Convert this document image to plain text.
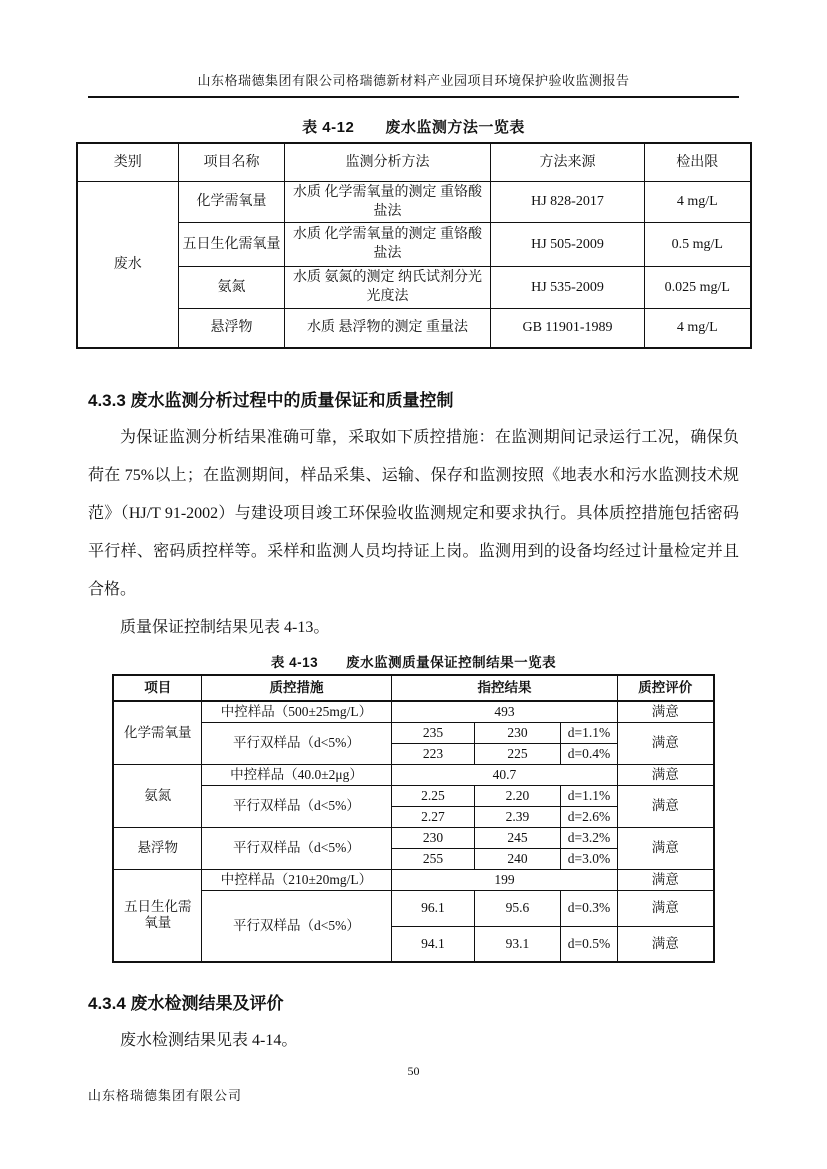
山东格瑞德集团有限公司格瑞德新材料产业园项目环境保护验收监测报告
表 4-12　　废水监测方法一览表
类别	项目名称	监测分析方法	方法来源	检出限
废水	化学需氧量	水质 化学需氧量的测定 重铬酸盐法	HJ 828-2017	4 mg/L
	五日生化需氧量	水质 化学需氧量的测定 重铬酸盐法	HJ 505-2009	0.5 mg/L
	氨氮	水质 氨氮的测定 纳氏试剂分光光度法	HJ 535-2009	0.025 mg/L
	悬浮物	水质 悬浮物的测定 重量法	GB 11901-1989	4 mg/L
4.3.3 废水监测分析过程中的质量保证和质量控制

为保证监测分析结果准确可靠，采取如下质控措施：在监测期间记录运行工况，确保负荷在 75%以上；在监测期间，样品采集、运输、保存和监测按照《地表水和污水监测技术规范》（HJ/T 91-2002）与建设项目竣工环保验收监测规定和要求执行。具体质控措施包括密码平行样、密码质控样等。采样和监测人员均持证上岗。监测用到的设备均经过计量检定并且合格。

质量保证控制结果见表 4-13。

表 4-13　　废水监测质量保证控制结果一览表
项目	质控措施	指控结果			质控评价
化学需氧量	中控样品（500±25mg/L）	493			满意
	平行双样品（d<5%）	235	230	d=1.1%	满意
		223	225	d=0.4%	
氨氮	中控样品（40.0±2μg）	40.7			满意
	平行双样品（d<5%）	2.25	2.20	d=1.1%	满意
		2.27	2.39	d=2.6%	
悬浮物	平行双样品（d<5%）	230	245	d=3.2%	满意
		255	240	d=3.0%	
五日生化需氧量	中控样品（210±20mg/L）	199			满意
	平行双样品（d<5%）	96.1	95.6	d=0.3%	满意
		94.1	93.1	d=0.5%	满意
4.3.4 废水检测结果及评价

废水检测结果见表 4-14。

50
山东格瑞德集团有限公司
